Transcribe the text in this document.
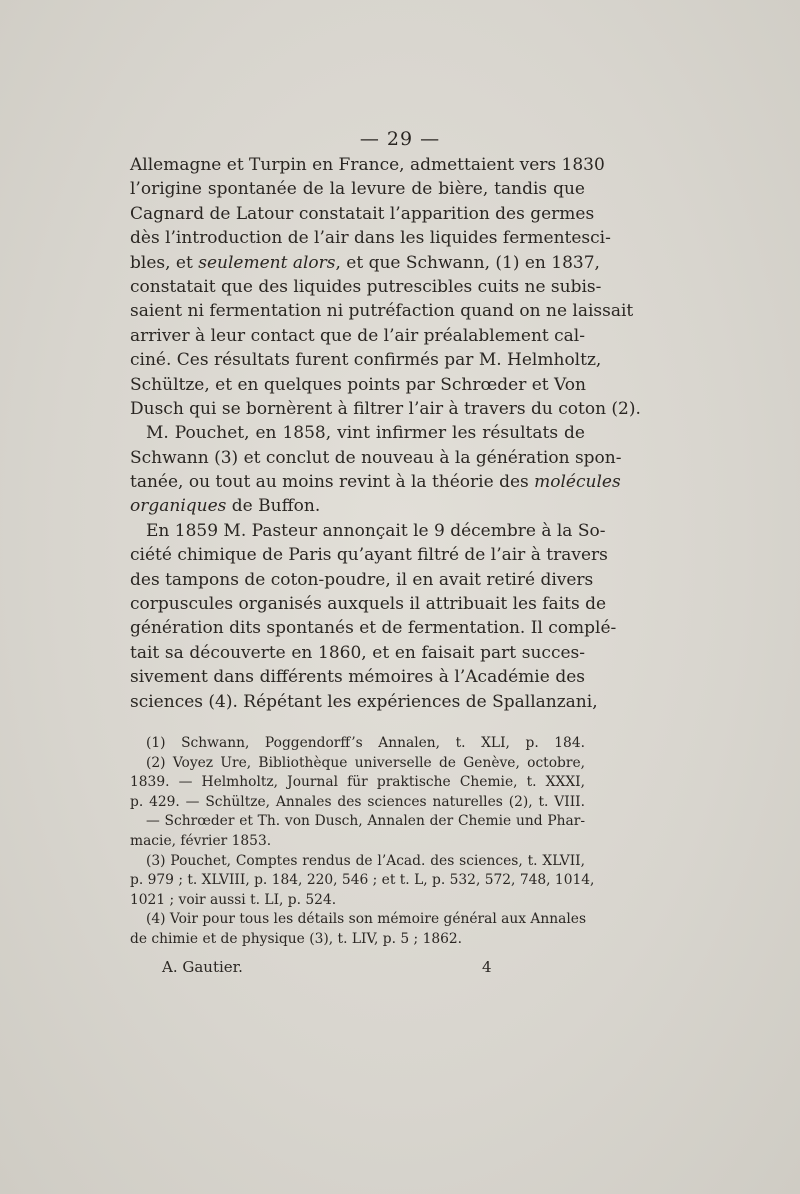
— 29 —
Allemagne et Turpin en France, admettaient vers 1830
l’origine spontanée de la levure de bière, tandis que
Cagnard de Latour constatait l’apparition des germes
dès l’introduction de l’air dans les liquides fermentesci-
bles, et seulement alors, et que Schwann, (1) en 1837,
constatait que des liquides putrescibles cuits ne subis-
saient ni fermentation ni putréfaction quand on ne laissait
arriver à leur contact que de l’air préalablement cal-
ciné. Ces résultats furent confirmés par M. Helmholtz,
Schültze, et en quelques points par Schrœder et Von
Dusch qui se bornèrent à filtrer l’air à travers du coton (2).
M. Pouchet, en 1858, vint infirmer les résultats de
Schwann (3) et conclut de nouveau à la génération spon-
tanée, ou tout au moins revint à la théorie des molécules
organiques de Buffon.
En 1859 M. Pasteur annonçait le 9 décembre à la So-
ciété chimique de Paris qu’ayant filtré de l’air à travers
des tampons de coton-poudre, il en avait retiré divers
corpuscules organisés auxquels il attribuait les faits de
génération dits spontanés et de fermentation. Il complé-
tait sa découverte en 1860, et en faisait part succes-
sivement dans différents mémoires à l’Académie des
sciences (4). Répétant les expériences de Spallanzani,
(1) Schwann, Poggendorff’s Annalen, t. XLI, p. 184.
(2) Voyez Ure, Bibliothèque universelle de Genève, octobre,
1839. — Helmholtz, Journal für praktische Chemie, t. XXXI,
p. 429. — Schültze, Annales des sciences naturelles (2), t. VIII.
— Schrœder et Th. von Dusch, Annalen der Chemie und Phar-
macie, février 1853.
(3) Pouchet, Comptes rendus de l’Acad. des sciences, t. XLVII,
p. 979 ; t. XLVIII, p. 184, 220, 546 ; et t. L, p. 532, 572, 748, 1014,
1021 ; voir aussi t. LI, p. 524.
(4) Voir pour tous les détails son mémoire général aux Annales
de chimie et de physique (3), t. LIV, p. 5 ; 1862.
A. Gautier.	4
